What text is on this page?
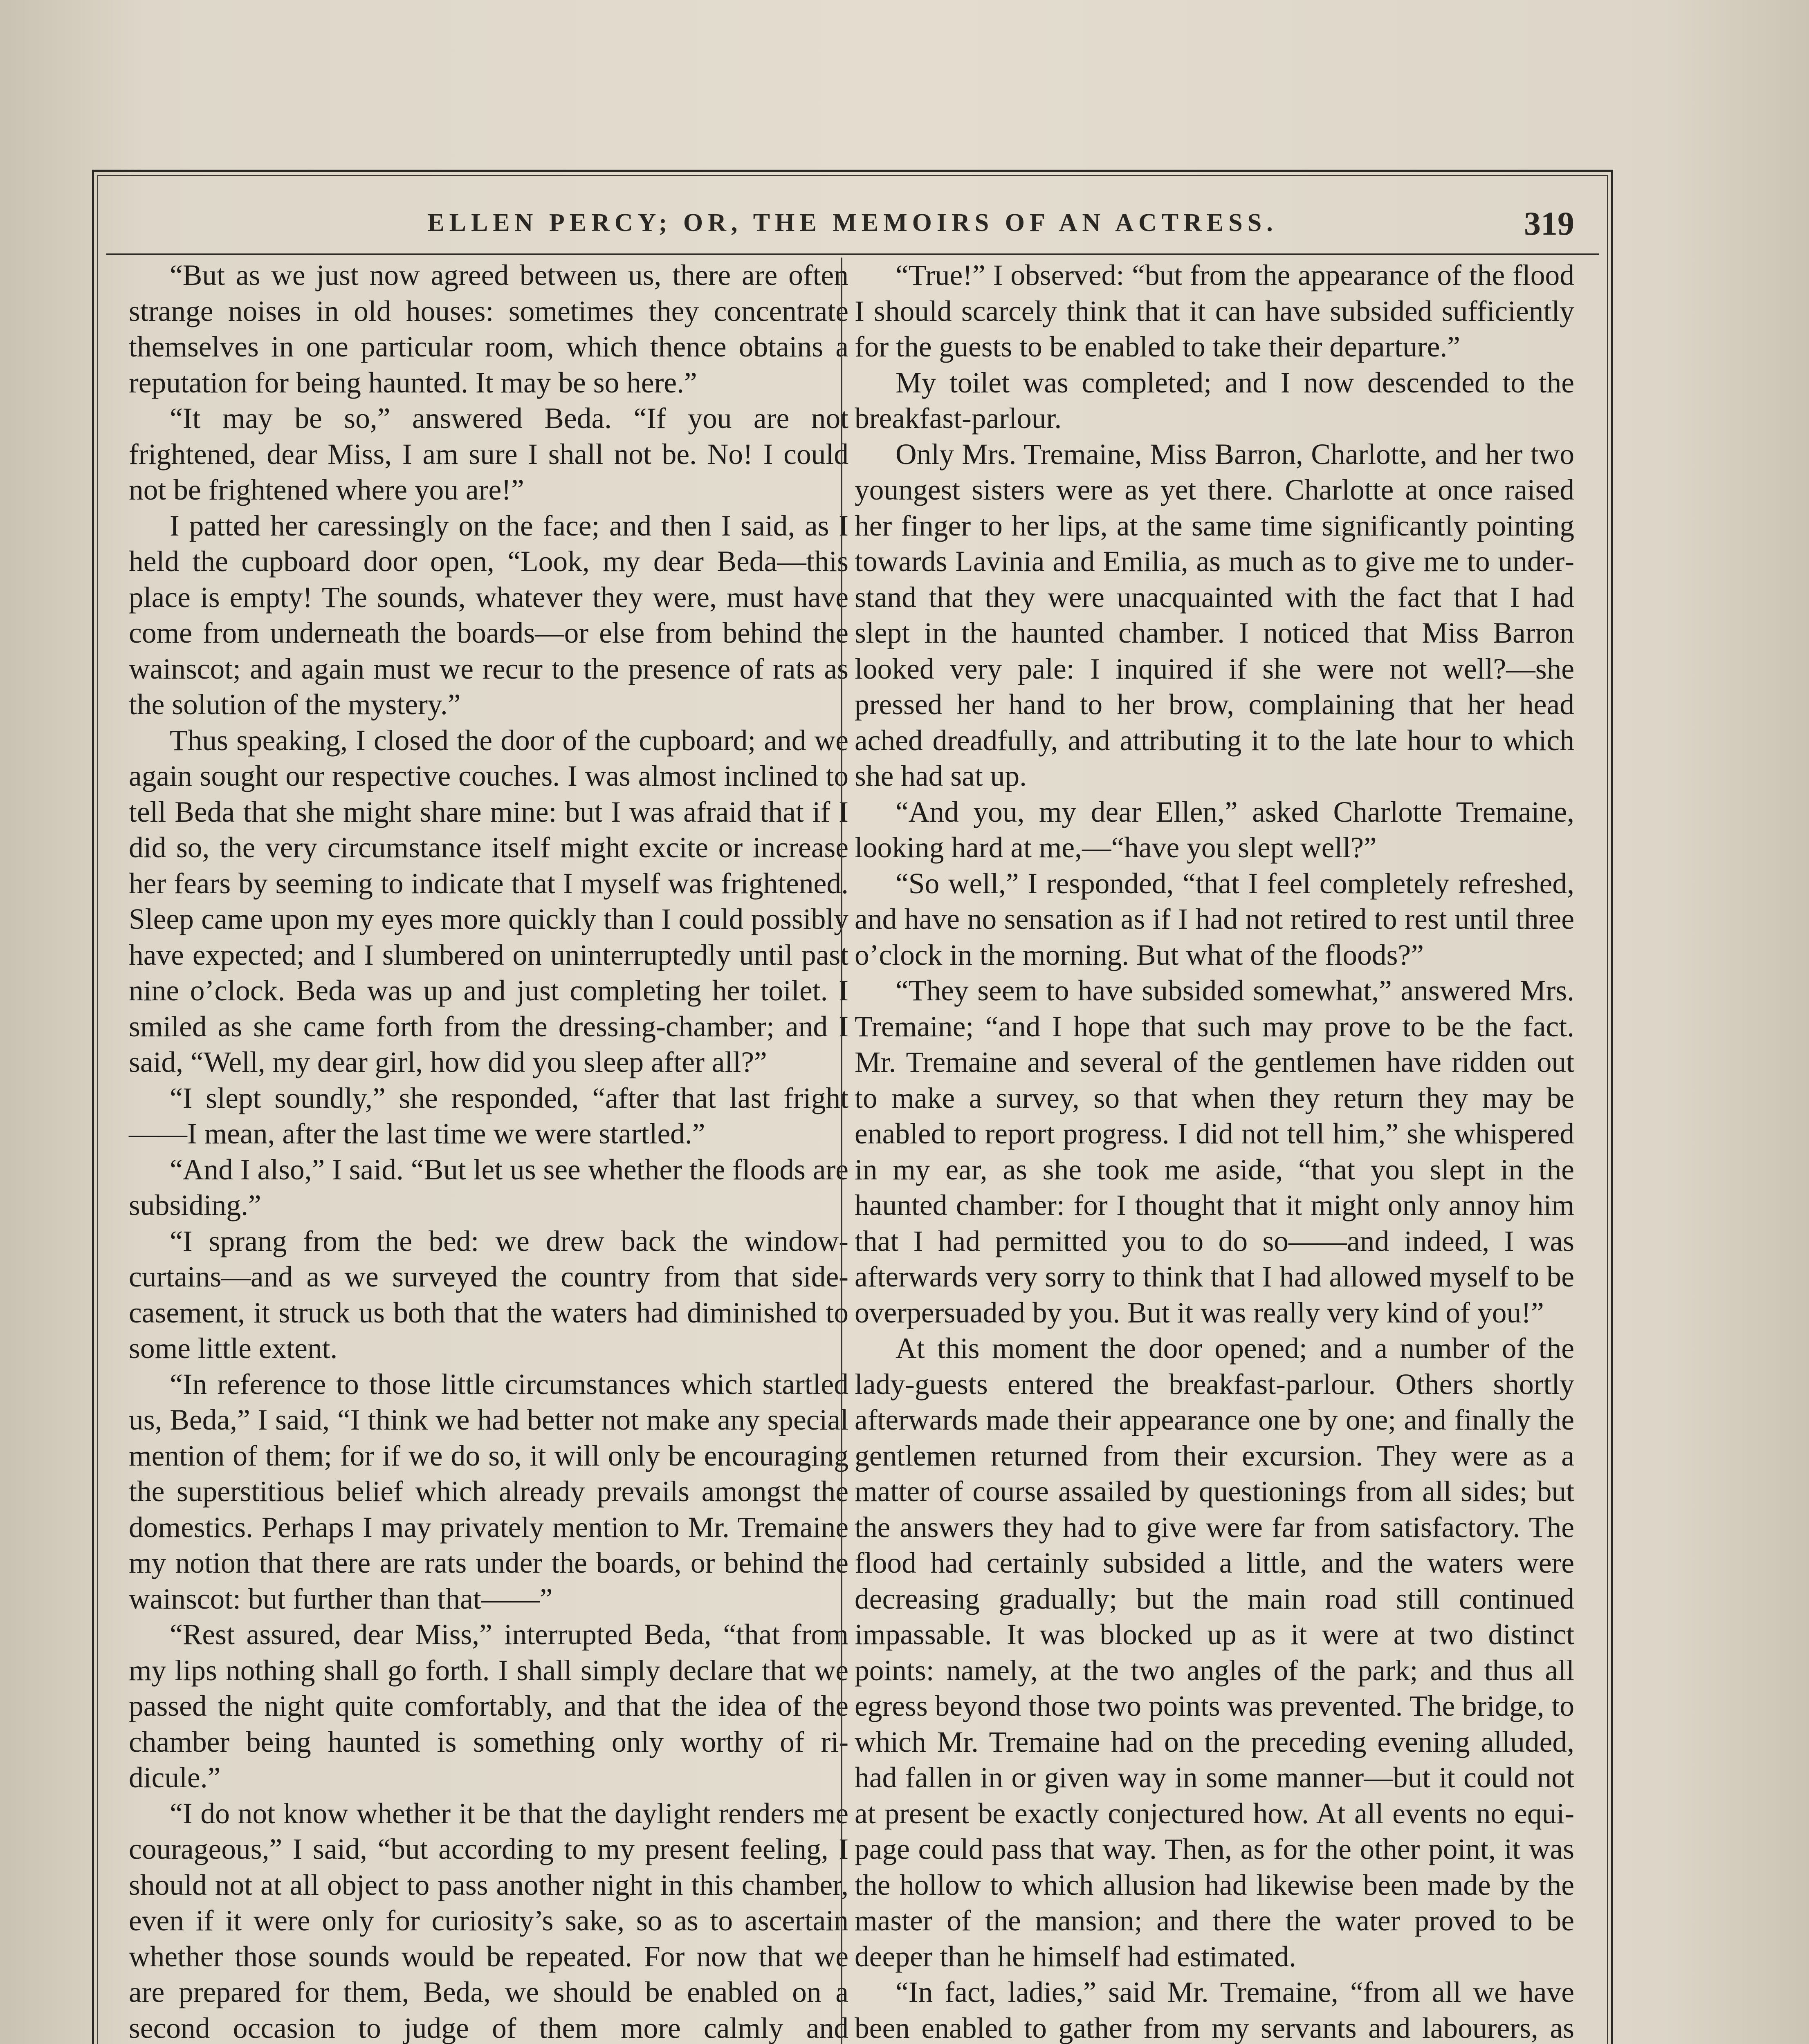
ELLEN PERCY; OR, THE MEMOIRS OF AN ACTRESS.	319

“But as we just now agreed between us, there are often strange noises in old houses: sometimes they concentrate themselves in one particular room, which thence obtains a reputation for being haunted. It may be so here.”

“It may be so,” answered Beda. “If you are not frightened, dear Miss, I am sure I shall not be. No! I could not be frightened where you are!”

I patted her caressingly on the face; and then I said, as I held the cupboard door open, “Look, my dear Beda—this place is empty! The sounds, whatever they were, must have come from underneath the boards—or else from behind the wainscot; and again must we recur to the presence of rats as the solution of the mystery.”

Thus speaking, I closed the door of the cupboard; and we again sought our respective couches. I was almost inclined to tell Beda that she might share mine: but I was afraid that if I did so, the very circumstance itself might excite or increase her fears by seeming to indicate that I myself was frightened. Sleep came upon my eyes more quickly than I could possibly have expected; and I slumbered on uninterruptedly until past nine o’clock. Beda was up and just completing her toilet. I smiled as she came forth from the dressing-chamber; and I said, “Well, my dear girl, how did you sleep after all?”

“I slept soundly,” she responded, “after that last fright——I mean, after the last time we were startled.”

“And I also,” I said. “But let us see whether the floods are subsiding.”

“I sprang from the bed: we drew back the window-curtains—and as we surveyed the country from that side-casement, it struck us both that the waters had diminished to some little extent.

“In reference to those little circumstances which startled us, Beda,” I said, “I think we had better not make any special mention of them; for if we do so, it will only be encouraging the superstitious belief which already prevails amongst the domestics. Perhaps I may privately mention to Mr. Tremaine my notion that there are rats under the boards, or behind the wainscot: but further than that——”

“Rest assured, dear Miss,” interrupted Beda, “that from my lips nothing shall go forth. I shall simply declare that we passed the night quite comfortably, and that the idea of the chamber being haunted is something only worthy of ridicule.”

“I do not know whether it be that the daylight renders me courageous,” I said, “but according to my present feeling, I should not at all object to pass another night in this chamber, even if it were only for curiosity’s sake, so as to ascertain whether those sounds would be repeated. For now that we are prepared for them, Beda, we should be enabled on a second occasion to judge of them more calmly and

“True!” I observed: “but from the appearance of the flood I should scarcely think that it can have subsided sufficiently for the guests to be enabled to take their departure.”

My toilet was completed; and I now descended to the breakfast-parlour.

Only Mrs. Tremaine, Miss Barron, Charlotte, and her two youngest sisters were as yet there. Charlotte at once raised her finger to her lips, at the same time significantly pointing towards Lavinia and Emilia, as much as to give me to understand that they were unacquainted with the fact that I had slept in the haunted chamber. I noticed that Miss Barron looked very pale: I inquired if she were not well?—she pressed her hand to her brow, complaining that her head ached dreadfully, and attributing it to the late hour to which she had sat up.

“And you, my dear Ellen,” asked Charlotte Tremaine, looking hard at me,—“have you slept well?”

“So well,” I responded, “that I feel completely refreshed, and have no sensation as if I had not retired to rest until three o’clock in the morning. But what of the floods?”

“They seem to have subsided somewhat,” answered Mrs. Tremaine; “and I hope that such may prove to be the fact. Mr. Tremaine and several of the gentlemen have ridden out to make a survey, so that when they return they may be enabled to report progress. I did not tell him,” she whispered in my ear, as she took me aside, “that you slept in the haunted chamber: for I thought that it might only annoy him that I had permitted you to do so——and indeed, I was afterwards very sorry to think that I had allowed myself to be overpersuaded by you. But it was really very kind of you!”

At this moment the door opened; and a number of the lady-guests entered the breakfast-parlour. Others shortly afterwards made their appearance one by one; and finally the gentlemen returned from their excursion. They were as a matter of course assailed by questionings from all sides; but the answers they had to give were far from satisfactory. The flood had certainly subsided a little, and the waters were decreasing gradually; but the main road still continued impassable. It was blocked up as it were at two distinct points: namely, at the two angles of the park; and thus all egress beyond those two points was prevented. The bridge, to which Mr. Tremaine had on the preceding evening alluded, had fallen in or given way in some manner—but it could not at present be exactly conjectured how. At all events no equipage could pass that way. Then, as for the other point, it was the hollow to which allusion had likewise been made by the master of the mansion; and there the water proved to be deeper than he himself had estimated.

“In fact, ladies,” said Mr. Tremaine, “from all we have been enabled to gather from my servants and labourers, as
